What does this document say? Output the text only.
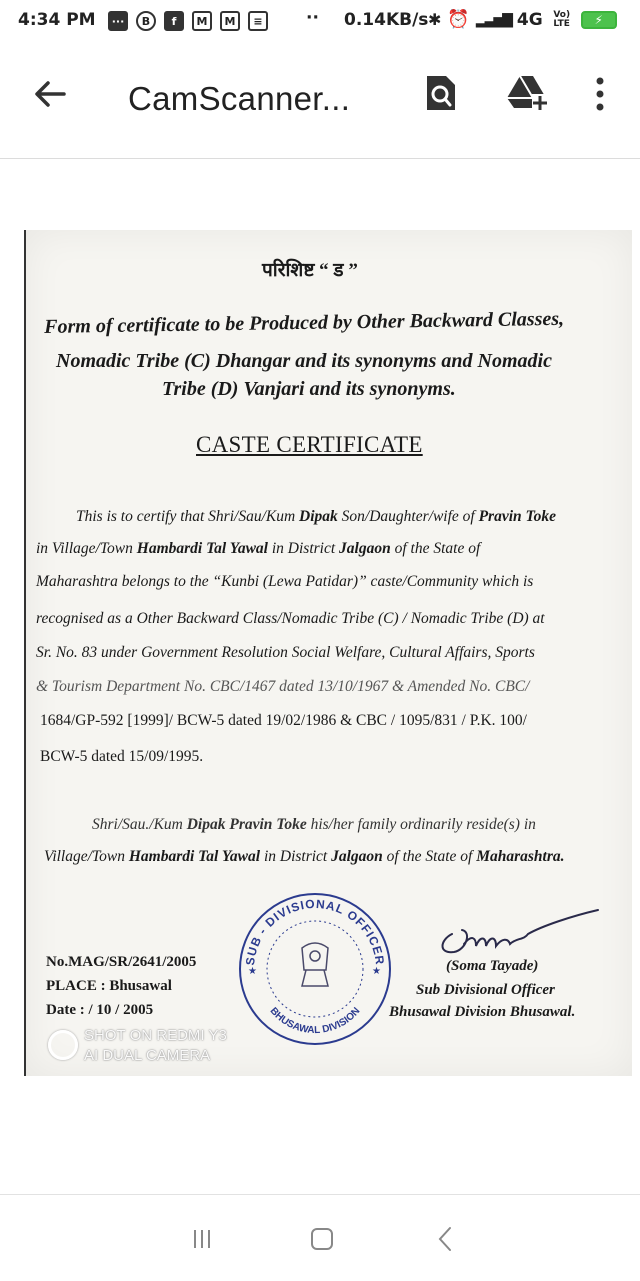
4:34 PM	···	B	f	M	M	≡	·· 0.14KB/s ✱ ⏰ ▂▃▅▇ 4G	Vo) LTE	⚡
CamScanner...
परिशिष्ट “ ड ”
Form of certificate to be Produced by Other Backward Classes,
Nomadic Tribe (C) Dhangar and its synonyms and Nomadic
Tribe (D) Vanjari and its synonyms.
CASTE CERTIFICATE
This is to certify that Shri/Sau/Kum Dipak Son/Daughter/wife of Pravin Toke
in Village/Town Hambardi Tal Yawal in District Jalgaon of the State of
Maharashtra belongs to the “Kunbi (Lewa Patidar)” caste/Community which is
recognised as a Other Backward Class/Nomadic Tribe (C) / Nomadic Tribe (D) at
Sr. No. 83 under Government Resolution Social Welfare, Cultural Affairs, Sports
& Tourism Department No. CBC/1467 dated 13/10/1967 & Amended No. CBC/
1684/GP-592 [1999]/ BCW-5 dated 19/02/1986 & CBC / 1095/831 / P.K. 100/
BCW-5 dated 15/09/1995.
Shri/Sau./Kum Dipak Pravin Toke his/her family ordinarily reside(s) in
Village/Town Hambardi Tal Yawal in District Jalgaon of the State of Maharashtra.
No.MAG/SR/2641/2005
PLACE : Bhusawal
Date : / 10 / 2005
SUB - DIVISIONAL OFFICER
BHUSAWAL DIVISION
★	★	(Soma Tayade)
Sub Divisional Officer
Bhusawal Division Bhusawal.
SHOT ON REDMI Y3
AI DUAL CAMERA
